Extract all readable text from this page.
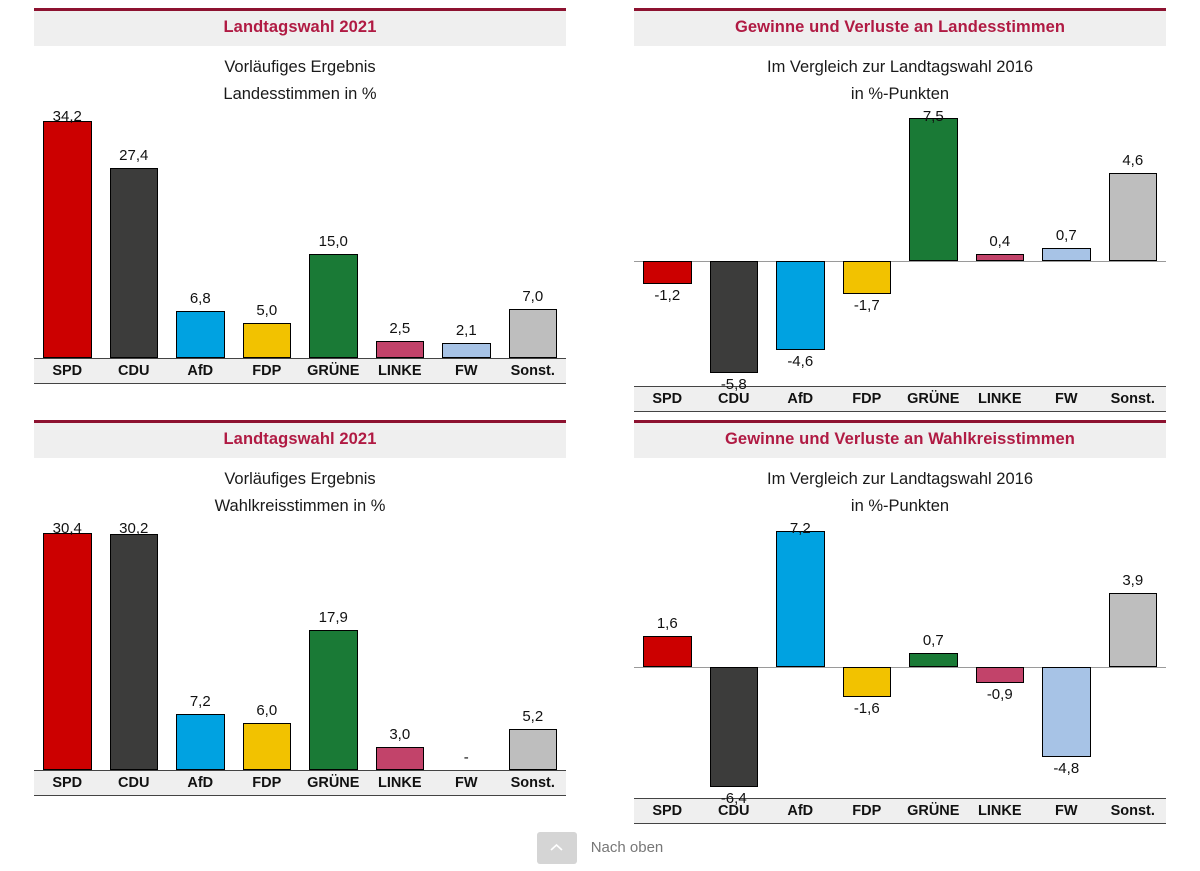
Landtagswahl 2021
Vorläufiges Ergebnis
Landesstimmen in %
34,2
27,4
6,8
5,0
15,0
2,5	2,1
7,0
SPD	CDU	AfD	FDP	GRÜNE	LINKE	FW	Sonst.
Gewinne und Verluste an Landesstimmen
Im Vergleich zur Landtagswahl 2016
in %-Punkten
-1,2
-5,8
-4,6
-1,7
7,5
0,4	0,7
4,6
SPD	CDU	AfD	FDP	GRÜNE	LINKE	FW	Sonst.
Landtagswahl 2021
Vorläufiges Ergebnis
Wahlkreisstimmen in %
30,4	30,2
7,2
6,0
17,9
3,0
-
5,2
SPD	CDU	AfD	FDP	GRÜNE	LINKE	FW	Sonst.
Gewinne und Verluste an Wahlkreisstimmen
Im Vergleich zur Landtagswahl 2016
in %-Punkten
1,6
-6,4
7,2
-1,6
0,7
-0,9
-4,8
3,9
SPD	CDU	AfD	FDP	GRÜNE	LINKE	FW	Sonst.
Nach oben
